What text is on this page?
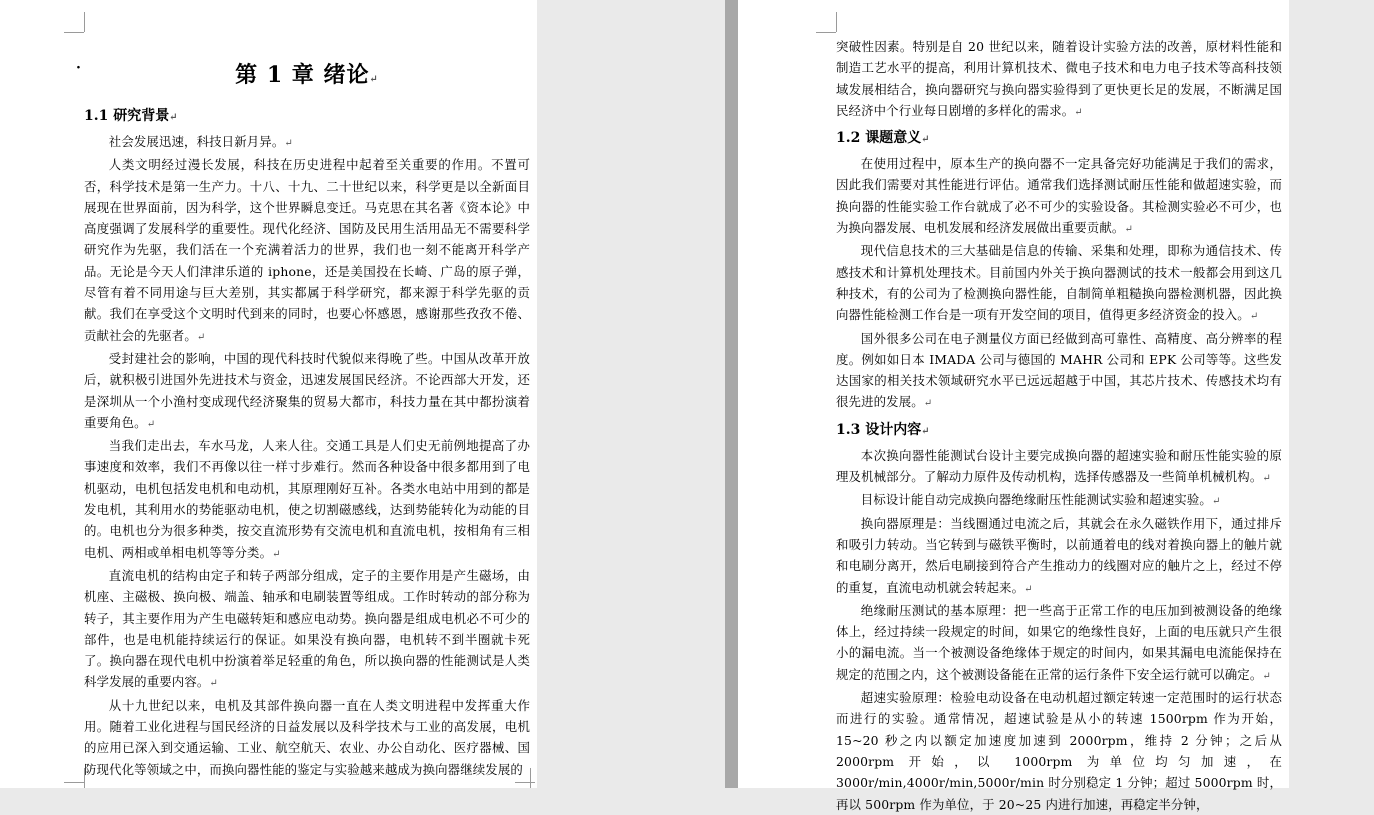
·	第 1 章 绪论↵
1.1 研究背景↵

社会发展迅速，科技日新月异。↵

人类文明经过漫长发展，科技在历史进程中起着至关重要的作用。不置可否，科学技术是第一生产力。十八、十九、二十世纪以来，科学更是以全新面目展现在世界面前，因为科学，这个世界瞬息变迁。马克思在其名著《资本论》中高度强调了发展科学的重要性。现代化经济、国防及民用生活用品无不需要科学研究作为先驱，我们活在一个充满着活力的世界，我们也一刻不能离开科学产品。无论是今天人们津津乐道的 iphone，还是美国投在长崎、广岛的原子弹，尽管有着不同用途与巨大差别，其实都属于科学研究，都来源于科学先驱的贡献。我们在享受这个文明时代到来的同时，也要心怀感恩，感谢那些孜孜不倦、贡献社会的先驱者。↵

受封建社会的影响，中国的现代科技时代貌似来得晚了些。中国从改革开放后，就积极引进国外先进技术与资金，迅速发展国民经济。不论西部大开发，还是深圳从一个小渔村变成现代经济聚集的贸易大都市，科技力量在其中都扮演着重要角色。↵

当我们走出去，车水马龙，人来人往。交通工具是人们史无前例地提高了办事速度和效率，我们不再像以往一样寸步难行。然而各种设备中很多都用到了电机驱动，电机包括发电机和电动机，其原理刚好互补。各类水电站中用到的都是发电机，其利用水的势能驱动电机，使之切割磁感线，达到势能转化为动能的目的。电机也分为很多种类，按交直流形势有交流电机和直流电机，按相角有三相电机、两相或单相电机等等分类。↵

直流电机的结构由定子和转子两部分组成，定子的主要作用是产生磁场，由机座、主磁极、换向极、端盖、轴承和电刷装置等组成。工作时转动的部分称为转子，其主要作用为产生电磁转矩和感应电动势。换向器是组成电机必不可少的部件，也是电机能持续运行的保证。如果没有换向器，电机转不到半圈就卡死了。换向器在现代电机中扮演着举足轻重的角色，所以换向器的性能测试是人类科学发展的重要内容。↵

从十九世纪以来，电机及其部件换向器一直在人类文明进程中发挥重大作用。随着工业化进程与国民经济的日益发展以及科学技术与工业的高发展，电机的应用已深入到交通运输、工业、航空航天、农业、办公自动化、医疗器械、国防现代化等领域之中，而换向器性能的鉴定与实验越来越成为换向器继续发展的

突破性因素。特别是自 20 世纪以来，随着设计实验方法的改善，原材料性能和制造工艺水平的提高，利用计算机技术、微电子技术和电力电子技术等高科技领域发展相结合，换向器研究与换向器实验得到了更快更长足的发展，不断满足国民经济中个行业每日剧增的多样化的需求。↵

1.2 课题意义↵

在使用过程中，原本生产的换向器不一定具备完好功能满足于我们的需求，因此我们需要对其性能进行评估。通常我们选择测试耐压性能和做超速实验，而换向器的性能实验工作台就成了必不可少的实验设备。其检测实验必不可少，也为换向器发展、电机发展和经济发展做出重要贡献。↵

现代信息技术的三大基础是信息的传输、采集和处理，即称为通信技术、传感技术和计算机处理技术。目前国内外关于换向器测试的技术一般都会用到这几种技术，有的公司为了检测换向器性能，自制简单粗糙换向器检测机器，因此换向器性能检测工作台是一项有开发空间的项目，值得更多经济资金的投入。↵

国外很多公司在电子测量仪方面已经做到高可靠性、高精度、高分辨率的程度。例如如日本 IMADA 公司与德国的 MAHR 公司和 EPK 公司等等。这些发达国家的相关技术领域研究水平已远远超越于中国，其芯片技术、传感技术均有很先进的发展。↵

1.3 设计内容↵

本次换向器性能测试台设计主要完成换向器的超速实验和耐压性能实验的原理及机械部分。了解动力原件及传动机构，选择传感器及一些简单机械机构。↵

目标设计能自动完成换向器绝缘耐压性能测试实验和超速实验。↵

换向器原理是：当线圈通过电流之后，其就会在永久磁铁作用下，通过排斥和吸引力转动。当它转到与磁铁平衡时，以前通着电的线对着换向器上的触片就和电刷分离开，然后电刷接到符合产生推动力的线圈对应的触片之上，经过不停的重复，直流电动机就会转起来。↵

绝缘耐压测试的基本原理：把一些高于正常工作的电压加到被测设备的绝缘体上，经过持续一段规定的时间，如果它的绝缘性良好，上面的电压就只产生很小的漏电流。当一个被测设备绝缘体于规定的时间内，如果其漏电电流能保持在规定的范围之内，这个被测设备能在正常的运行条件下安全运行就可以确定。↵

超速实验原理：检验电动设备在电动机超过额定转速一定范围时的运行状态而进行的实验。通常情况，超速试验是从小的转速 1500rpm 作为开始，15~20 秒之内以额定加速度加速到 2000rpm，维持 2 分钟；之后从 2000rpm 开始，以 1000rpm 为单位均匀加速，在 3000r/min,4000r/min,5000r/min 时分别稳定 1 分钟；超过 5000rpm 时，再以 500rpm 作为单位，于 20~25 内进行加速，再稳定半分钟，
